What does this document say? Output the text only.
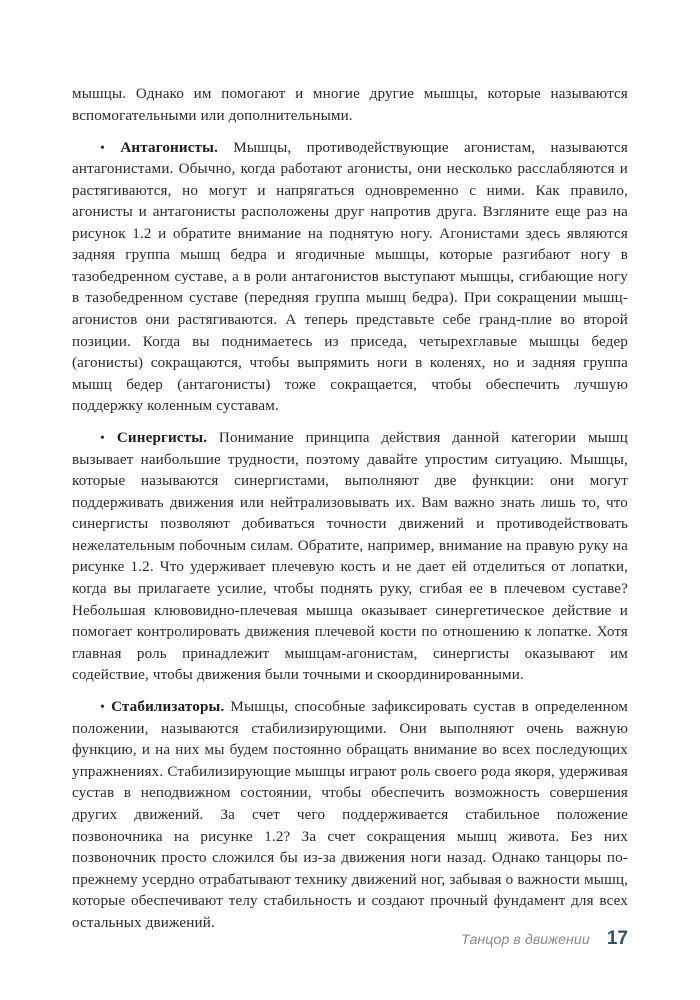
мышцы. Однако им помогают и многие другие мышцы, которые называются вспомогательными или дополнительными.

• Антагонисты. Мышцы, противодействующие агонистам, называются антагонистами. Обычно, когда работают агонисты, они несколько расслабляются и растягиваются, но могут и напрягаться одновременно с ними. Как правило, агонисты и антагонисты расположены друг напротив друга. Взгляните еще раз на рисунок 1.2 и обратите внимание на поднятую ногу. Агонистами здесь являются задняя группа мышц бедра и ягодичные мышцы, которые разгибают ногу в тазобедренном суставе, а в роли антагонистов выступают мышцы, сгибающие ногу в тазобедренном суставе (передняя группа мышц бедра). При сокращении мышц-агонистов они растягиваются. А теперь представьте себе гранд-плие во второй позиции. Когда вы поднимаетесь из приседа, четырехглавые мышцы бедер (агонисты) сокращаются, чтобы выпрямить ноги в коленях, но и задняя группа мышц бедер (антагонисты) тоже сокращается, чтобы обеспечить лучшую поддержку коленным суставам.

• Синергисты. Понимание принципа действия данной категории мышц вызывает наибольшие трудности, поэтому давайте упростим ситуацию. Мышцы, которые называются синергистами, выполняют две функции: они могут поддерживать движения или нейтрализовывать их. Вам важно знать лишь то, что синергисты позволяют добиваться точности движений и противодействовать нежелательным побочным силам. Обратите, например, внимание на правую руку на рисунке 1.2. Что удерживает плечевую кость и не дает ей отделиться от лопатки, когда вы прилагаете усилие, чтобы поднять руку, сгибая ее в плечевом суставе? Небольшая клювовидно-плечевая мышца оказывает синергетическое действие и помогает контролировать движения плечевой кости по отношению к лопатке. Хотя главная роль принадлежит мышцам-агонистам, синергисты оказывают им содействие, чтобы движения были точными и скоординированными.

• Стабилизаторы. Мышцы, способные зафиксировать сустав в определенном положении, называются стабилизирующими. Они выполняют очень важную функцию, и на них мы будем постоянно обращать внимание во всех последующих упражнениях. Стабилизирующие мышцы играют роль своего рода якоря, удерживая сустав в неподвижном состоянии, чтобы обеспечить возможность совершения других движений. За счет чего поддерживается стабильное положение позвоночника на рисунке 1.2? За счет сокращения мышц живота. Без них позвоночник просто сложился бы из-за движения ноги назад. Однако танцоры по-прежнему усердно отрабатывают технику движений ног, забывая о важности мышц, которые обеспечивают телу стабильность и создают прочный фундамент для всех остальных движений.

Танцор в движении 17
